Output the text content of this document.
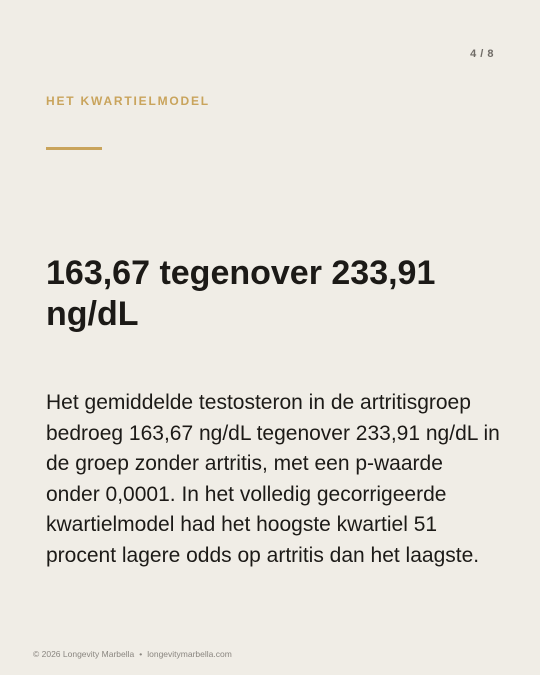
4 / 8
HET KWARTIELMODEL
163,67 tegenover 233,91 ng/dL

Het gemiddelde testosteron in de artritisgroep bedroeg 163,67 ng/dL tegenover 233,91 ng/dL in de groep zonder artritis, met een p-waarde onder 0,0001. In het volledig gecorrigeerde kwartielmodel had het hoogste kwartiel 51 procent lagere odds op artritis dan het laagste.

© 2026 Longevity Marbella • longevitymarbella.com
